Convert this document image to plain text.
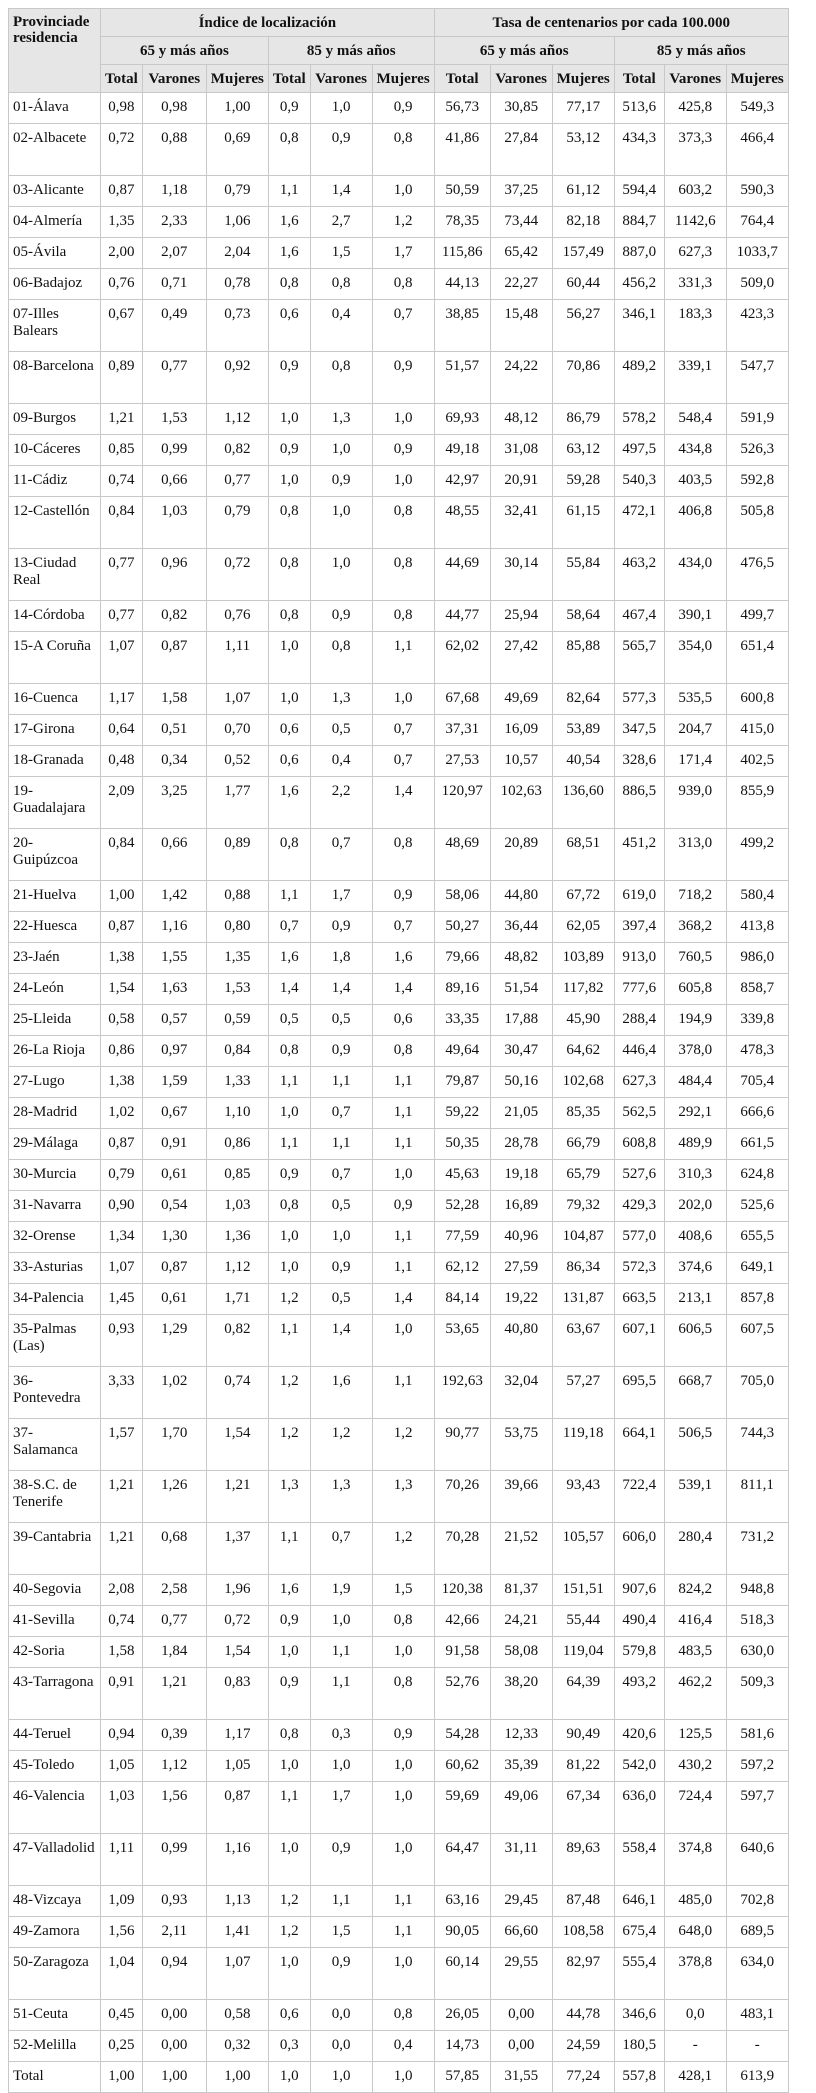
Provinciade residencia	Índice de localización						Tasa de centenarios por cada 100.000					
	65 y más años			85 y más años			65 y más años			85 y más años		
	Total	Varones	Mujeres	Total	Varones	Mujeres	Total	Varones	Mujeres	Total	Varones	Mujeres
01-Álava	0,98	0,98	1,00	0,9	1,0	0,9	56,73	30,85	77,17	513,6	425,8	549,3
02-Albacete	0,72	0,88	0,69	0,8	0,9	0,8	41,86	27,84	53,12	434,3	373,3	466,4
03-Alicante	0,87	1,18	0,79	1,1	1,4	1,0	50,59	37,25	61,12	594,4	603,2	590,3
04-Almería	1,35	2,33	1,06	1,6	2,7	1,2	78,35	73,44	82,18	884,7	1142,6	764,4
05-Ávila	2,00	2,07	2,04	1,6	1,5	1,7	115,86	65,42	157,49	887,0	627,3	1033,7
06-Badajoz	0,76	0,71	0,78	0,8	0,8	0,8	44,13	22,27	60,44	456,2	331,3	509,0
07-Illes Balears	0,67	0,49	0,73	0,6	0,4	0,7	38,85	15,48	56,27	346,1	183,3	423,3
08-Barcelona	0,89	0,77	0,92	0,9	0,8	0,9	51,57	24,22	70,86	489,2	339,1	547,7
09-Burgos	1,21	1,53	1,12	1,0	1,3	1,0	69,93	48,12	86,79	578,2	548,4	591,9
10-Cáceres	0,85	0,99	0,82	0,9	1,0	0,9	49,18	31,08	63,12	497,5	434,8	526,3
11-Cádiz	0,74	0,66	0,77	1,0	0,9	1,0	42,97	20,91	59,28	540,3	403,5	592,8
12-Castellón	0,84	1,03	0,79	0,8	1,0	0,8	48,55	32,41	61,15	472,1	406,8	505,8
13-Ciudad Real	0,77	0,96	0,72	0,8	1,0	0,8	44,69	30,14	55,84	463,2	434,0	476,5
14-Córdoba	0,77	0,82	0,76	0,8	0,9	0,8	44,77	25,94	58,64	467,4	390,1	499,7
15-A Coruña	1,07	0,87	1,11	1,0	0,8	1,1	62,02	27,42	85,88	565,7	354,0	651,4
16-Cuenca	1,17	1,58	1,07	1,0	1,3	1,0	67,68	49,69	82,64	577,3	535,5	600,8
17-Girona	0,64	0,51	0,70	0,6	0,5	0,7	37,31	16,09	53,89	347,5	204,7	415,0
18-Granada	0,48	0,34	0,52	0,6	0,4	0,7	27,53	10,57	40,54	328,6	171,4	402,5
19-Guadalajara	2,09	3,25	1,77	1,6	2,2	1,4	120,97	102,63	136,60	886,5	939,0	855,9
20-Guipúzcoa	0,84	0,66	0,89	0,8	0,7	0,8	48,69	20,89	68,51	451,2	313,0	499,2
21-Huelva	1,00	1,42	0,88	1,1	1,7	0,9	58,06	44,80	67,72	619,0	718,2	580,4
22-Huesca	0,87	1,16	0,80	0,7	0,9	0,7	50,27	36,44	62,05	397,4	368,2	413,8
23-Jaén	1,38	1,55	1,35	1,6	1,8	1,6	79,66	48,82	103,89	913,0	760,5	986,0
24-León	1,54	1,63	1,53	1,4	1,4	1,4	89,16	51,54	117,82	777,6	605,8	858,7
25-Lleida	0,58	0,57	0,59	0,5	0,5	0,6	33,35	17,88	45,90	288,4	194,9	339,8
26-La Rioja	0,86	0,97	0,84	0,8	0,9	0,8	49,64	30,47	64,62	446,4	378,0	478,3
27-Lugo	1,38	1,59	1,33	1,1	1,1	1,1	79,87	50,16	102,68	627,3	484,4	705,4
28-Madrid	1,02	0,67	1,10	1,0	0,7	1,1	59,22	21,05	85,35	562,5	292,1	666,6
29-Málaga	0,87	0,91	0,86	1,1	1,1	1,1	50,35	28,78	66,79	608,8	489,9	661,5
30-Murcia	0,79	0,61	0,85	0,9	0,7	1,0	45,63	19,18	65,79	527,6	310,3	624,8
31-Navarra	0,90	0,54	1,03	0,8	0,5	0,9	52,28	16,89	79,32	429,3	202,0	525,6
32-Orense	1,34	1,30	1,36	1,0	1,0	1,1	77,59	40,96	104,87	577,0	408,6	655,5
33-Asturias	1,07	0,87	1,12	1,0	0,9	1,1	62,12	27,59	86,34	572,3	374,6	649,1
34-Palencia	1,45	0,61	1,71	1,2	0,5	1,4	84,14	19,22	131,87	663,5	213,1	857,8
35-Palmas (Las)	0,93	1,29	0,82	1,1	1,4	1,0	53,65	40,80	63,67	607,1	606,5	607,5
36-Pontevedra	3,33	1,02	0,74	1,2	1,6	1,1	192,63	32,04	57,27	695,5	668,7	705,0
37-Salamanca	1,57	1,70	1,54	1,2	1,2	1,2	90,77	53,75	119,18	664,1	506,5	744,3
38-S.C. de Tenerife	1,21	1,26	1,21	1,3	1,3	1,3	70,26	39,66	93,43	722,4	539,1	811,1
39-Cantabria	1,21	0,68	1,37	1,1	0,7	1,2	70,28	21,52	105,57	606,0	280,4	731,2
40-Segovia	2,08	2,58	1,96	1,6	1,9	1,5	120,38	81,37	151,51	907,6	824,2	948,8
41-Sevilla	0,74	0,77	0,72	0,9	1,0	0,8	42,66	24,21	55,44	490,4	416,4	518,3
42-Soria	1,58	1,84	1,54	1,0	1,1	1,0	91,58	58,08	119,04	579,8	483,5	630,0
43-Tarragona	0,91	1,21	0,83	0,9	1,1	0,8	52,76	38,20	64,39	493,2	462,2	509,3
44-Teruel	0,94	0,39	1,17	0,8	0,3	0,9	54,28	12,33	90,49	420,6	125,5	581,6
45-Toledo	1,05	1,12	1,05	1,0	1,0	1,0	60,62	35,39	81,22	542,0	430,2	597,2
46-Valencia	1,03	1,56	0,87	1,1	1,7	1,0	59,69	49,06	67,34	636,0	724,4	597,7
47-Valladolid	1,11	0,99	1,16	1,0	0,9	1,0	64,47	31,11	89,63	558,4	374,8	640,6
48-Vizcaya	1,09	0,93	1,13	1,2	1,1	1,1	63,16	29,45	87,48	646,1	485,0	702,8
49-Zamora	1,56	2,11	1,41	1,2	1,5	1,1	90,05	66,60	108,58	675,4	648,0	689,5
50-Zaragoza	1,04	0,94	1,07	1,0	0,9	1,0	60,14	29,55	82,97	555,4	378,8	634,0
51-Ceuta	0,45	0,00	0,58	0,6	0,0	0,8	26,05	0,00	44,78	346,6	0,0	483,1
52-Melilla	0,25	0,00	0,32	0,3	0,0	0,4	14,73	0,00	24,59	180,5	-	-
Total	1,00	1,00	1,00	1,0	1,0	1,0	57,85	31,55	77,24	557,8	428,1	613,9
